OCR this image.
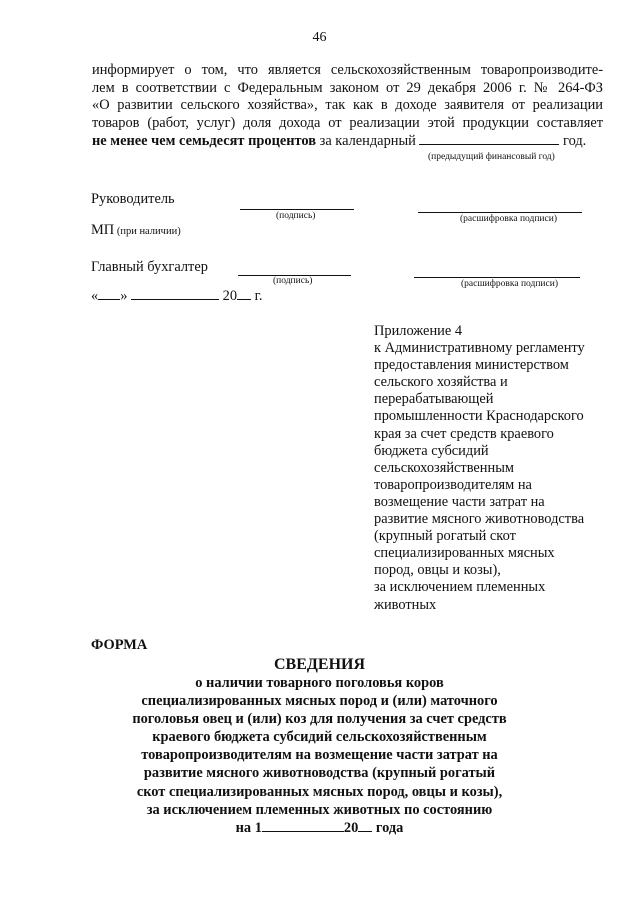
46
информирует о том, что является сельскохозяйственным товаропроизводите-
лем в соответствии с Федеральным законом от 29 декабря 2006 г. № 264-ФЗ
«О развитии сельского хозяйства», так как в доходе заявителя от реализации
товаров (работ, услуг) доля дохода от реализации этой продукции составляет
не менее чем семьдесят процентов за календарный	год.
(предыдущий финансовый год)
Руководитель
(подпись)	(расшифровка подписи)
МП (при наличии)
Главный бухгалтер
(подпись)	(расшифровка подписи)
« »	20 г.
Приложение 4
к Административному регламенту
предоставления министерством
сельского хозяйства и
перерабатывающей
промышленности Краснодарского
края за счет средств краевого
бюджета субсидий
сельскохозяйственным
товаропроизводителям на
возмещение части затрат на
развитие мясного животноводства
(крупный рогатый скот
специализированных мясных
пород, овцы и козы),
за исключением племенных
животных
ФОРМА
СВЕДЕНИЯ
о наличии товарного поголовья коров
специализированных мясных пород и (или) маточного
поголовья овец и (или) коз для получения за счет средств
краевого бюджета субсидий сельскохозяйственным
товаропроизводителям на возмещение части затрат на
развитие мясного животноводства (крупный рогатый
скот специализированных мясных пород, овцы и козы),
за исключением племенных животных по состоянию
на 1	20 года
